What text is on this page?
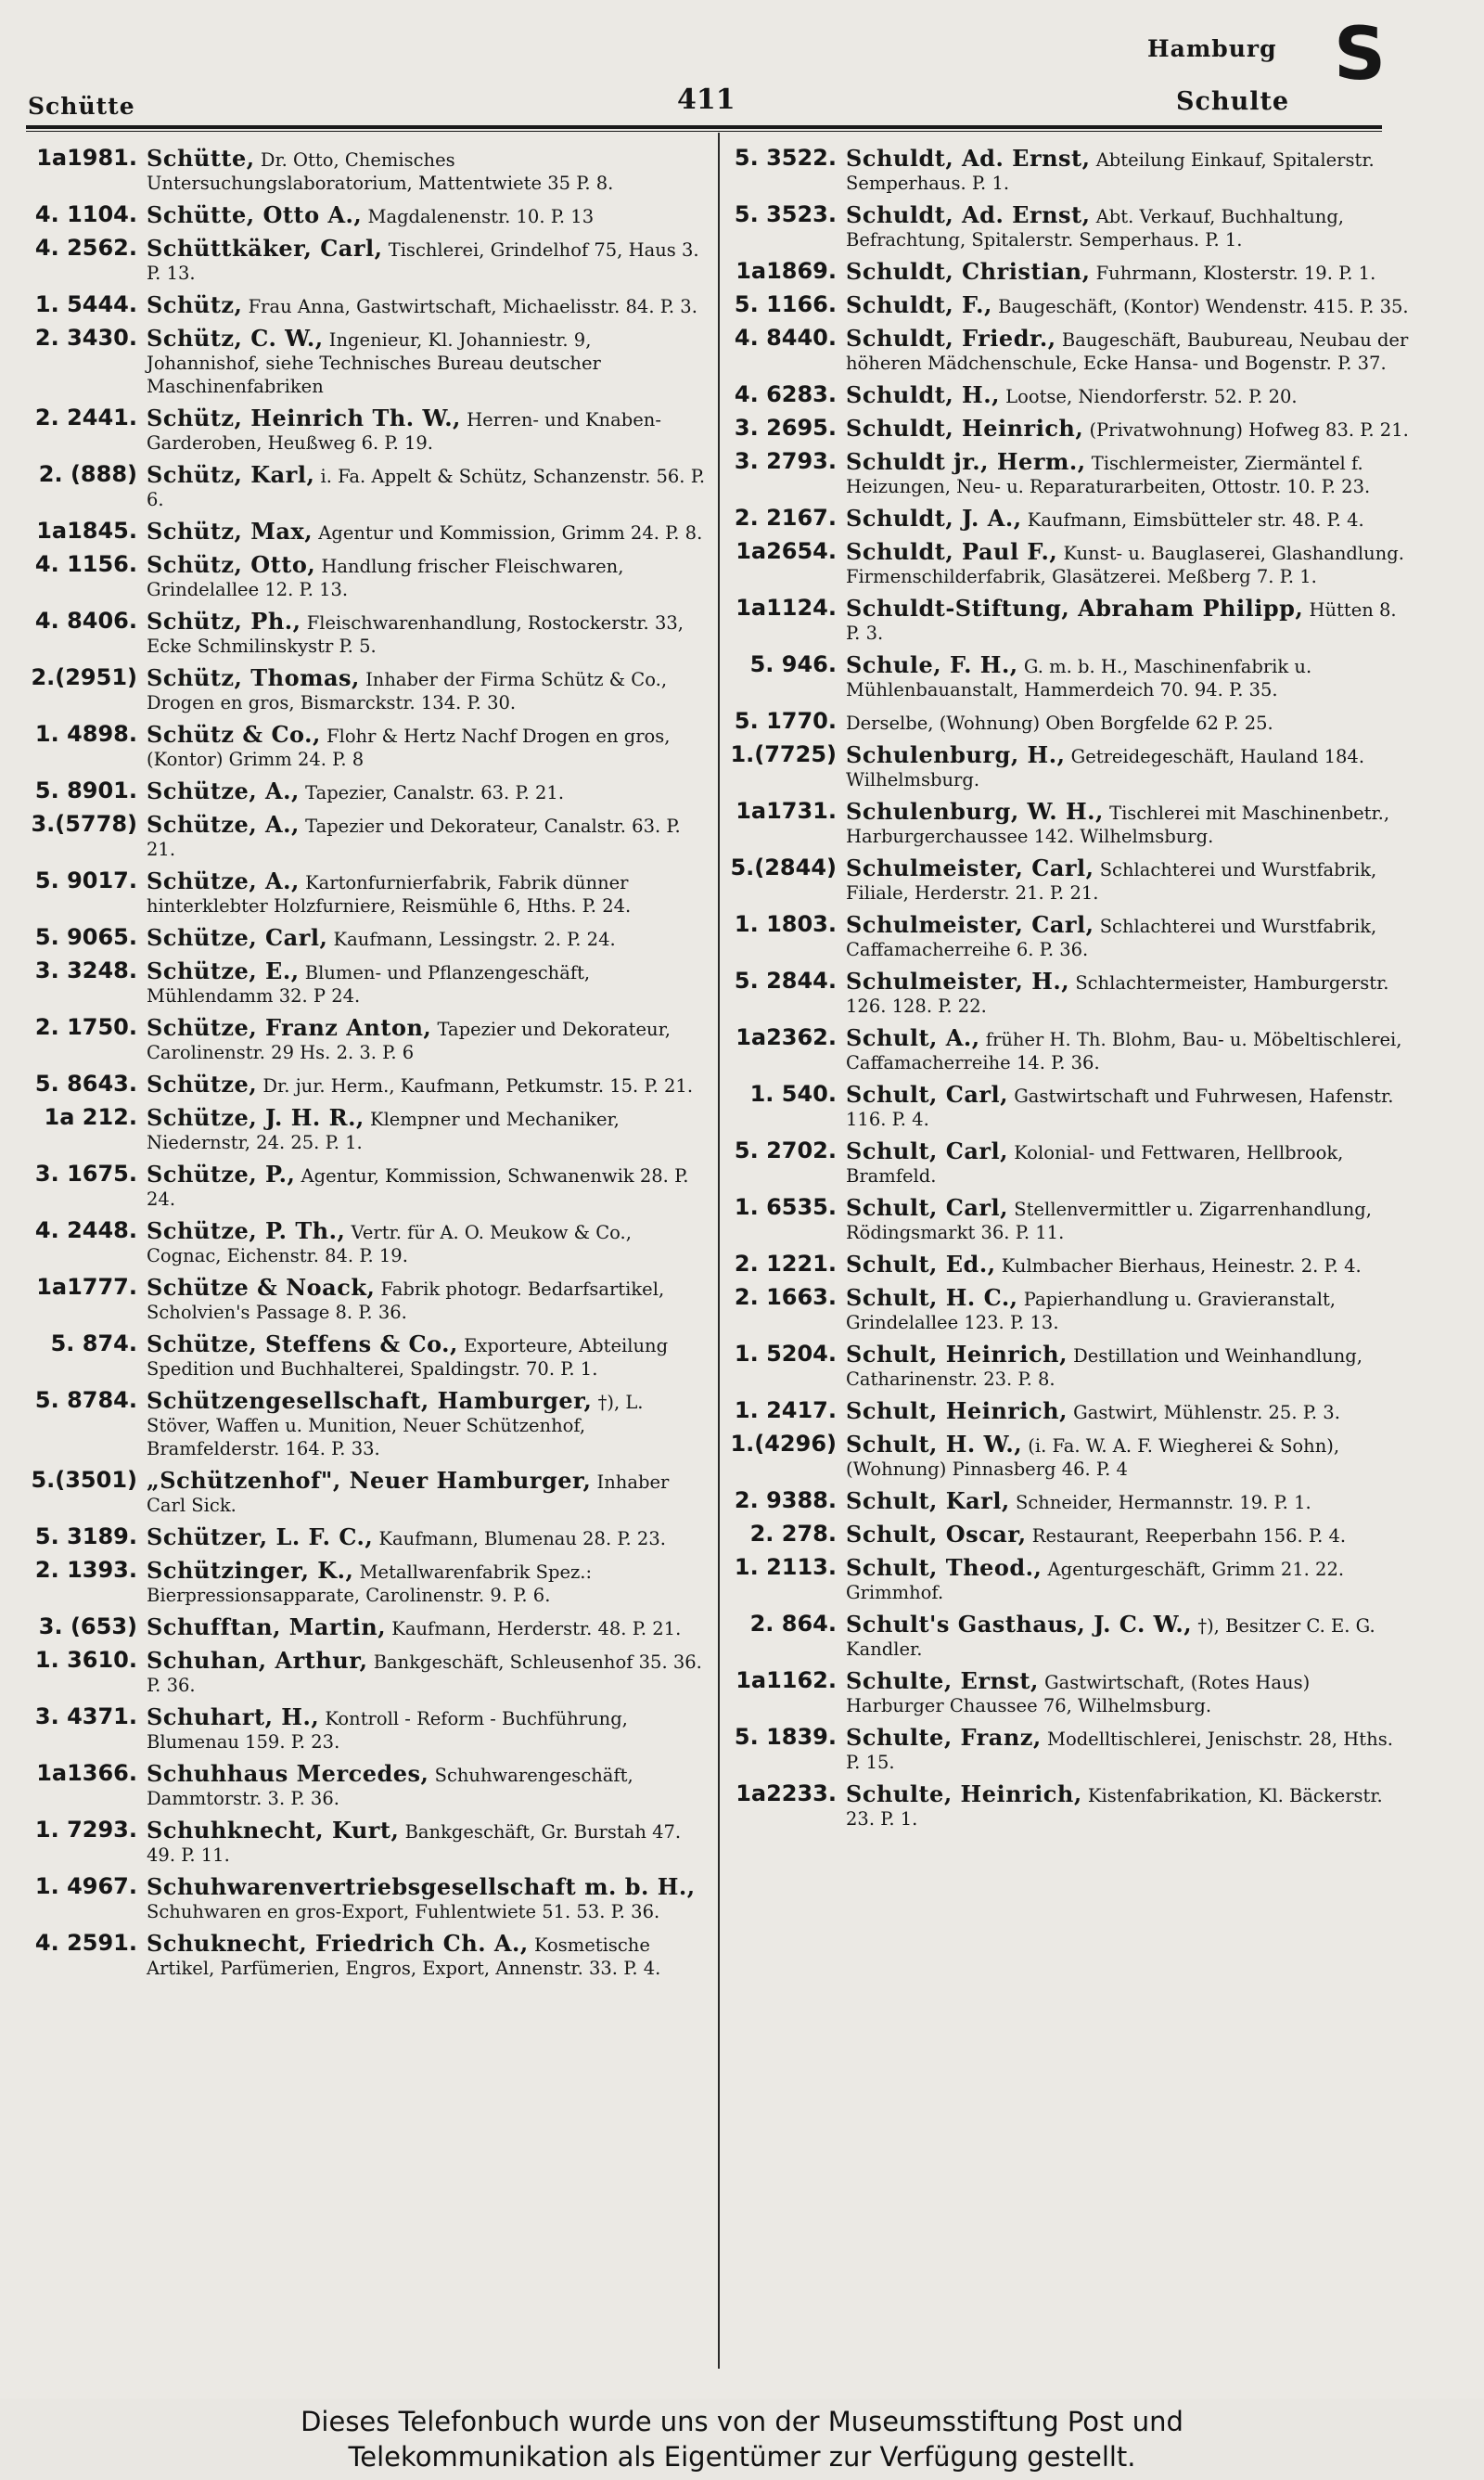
Schütte	411
Hamburg
Schulte
S
1a1981. Schütte, Dr. Otto, Chemisches Untersuchungslaboratorium, Mattentwiete 35 P. 8.
4. 1104. Schütte, Otto A., Magdalenenstr. 10. P. 13
4. 2562. Schüttkäker, Carl, Tischlerei, Grindelhof 75, Haus 3. P. 13.
1. 5444. Schütz, Frau Anna, Gastwirtschaft, Michaelisstr. 84. P. 3.
2. 3430. Schütz, C. W., Ingenieur, Kl. Johanniestr. 9, Johannishof, siehe Technisches Bureau deutscher Maschinenfabriken
2. 2441. Schütz, Heinrich Th. W., Herren- und Knaben-Garderoben, Heußweg 6. P. 19.
2. (888) Schütz, Karl, i. Fa. Appelt & Schütz, Schanzenstr. 56. P. 6.
1a1845. Schütz, Max, Agentur und Kommission, Grimm 24. P. 8.
4. 1156. Schütz, Otto, Handlung frischer Fleischwaren, Grindelallee 12. P. 13.
4. 8406. Schütz, Ph., Fleischwarenhandlung, Rostockerstr. 33, Ecke Schmilinskystr P. 5.
2.(2951) Schütz, Thomas, Inhaber der Firma Schütz & Co., Drogen en gros, Bismarckstr. 134. P. 30.
1. 4898. Schütz & Co., Flohr & Hertz Nachf Drogen en gros, (Kontor) Grimm 24. P. 8
5. 8901. Schütze, A., Tapezier, Canalstr. 63. P. 21.
3.(5778) Schütze, A., Tapezier und Dekorateur, Canalstr. 63. P. 21.
5. 9017. Schütze, A., Kartonfurnierfabrik, Fabrik dünner hinterklebter Holzfurniere, Reismühle 6, Hths. P. 24.
5. 9065. Schütze, Carl, Kaufmann, Lessingstr. 2. P. 24.
3. 3248. Schütze, E., Blumen- und Pflanzengeschäft, Mühlendamm 32. P 24.
2. 1750. Schütze, Franz Anton, Tapezier und Dekorateur, Carolinenstr. 29 Hs. 2. 3. P. 6
5. 8643. Schütze, Dr. jur. Herm., Kaufmann, Petkumstr. 15. P. 21.
1a 212. Schütze, J. H. R., Klempner und Mechaniker, Niedernstr, 24. 25. P. 1.
3. 1675. Schütze, P., Agentur, Kommission, Schwanenwik 28. P. 24.
4. 2448. Schütze, P. Th., Vertr. für A. O. Meukow & Co., Cognac, Eichenstr. 84. P. 19.
1a1777. Schütze & Noack, Fabrik photogr. Bedarfsartikel, Scholvien's Passage 8. P. 36.
5. 874. Schütze, Steffens & Co., Exporteure, Abteilung Spedition und Buchhalterei, Spaldingstr. 70. P. 1.
5. 8784. Schützengesellschaft, Hamburger, †), L. Stöver, Waffen u. Munition, Neuer Schützenhof, Bramfelderstr. 164. P. 33.
5.(3501) „Schützenhof", Neuer Hamburger, Inhaber Carl Sick.
5. 3189. Schützer, L. F. C., Kaufmann, Blumenau 28. P. 23.
2. 1393. Schützinger, K., Metallwarenfabrik Spez.: Bierpressionsapparate, Carolinenstr. 9. P. 6.
3. (653) Schufftan, Martin, Kaufmann, Herderstr. 48. P. 21.
1. 3610. Schuhan, Arthur, Bankgeschäft, Schleusenhof 35. 36. P. 36.
3. 4371. Schuhart, H., Kontroll - Reform - Buchführung, Blumenau 159. P. 23.
1a1366. Schuhhaus Mercedes, Schuhwarengeschäft, Dammtorstr. 3. P. 36.
1. 7293. Schuhknecht, Kurt, Bankgeschäft, Gr. Burstah 47. 49. P. 11.
1. 4967. Schuhwarenvertriebsgesellschaft m. b. H., Schuhwaren en gros-Export, Fuhlentwiete 51. 53. P. 36.
4. 2591. Schuknecht, Friedrich Ch. A., Kosmetische Artikel, Parfümerien, Engros, Export, Annenstr. 33. P. 4.
5. 3522. Schuldt, Ad. Ernst, Abteilung Einkauf, Spitalerstr. Semperhaus. P. 1.
5. 3523. Schuldt, Ad. Ernst, Abt. Verkauf, Buchhaltung, Befrachtung, Spitalerstr. Semperhaus. P. 1.
1a1869. Schuldt, Christian, Fuhrmann, Klosterstr. 19. P. 1.
5. 1166. Schuldt, F., Baugeschäft, (Kontor) Wendenstr. 415. P. 35.
4. 8440. Schuldt, Friedr., Baugeschäft, Baubureau, Neubau der höheren Mädchenschule, Ecke Hansa- und Bogenstr. P. 37.
4. 6283. Schuldt, H., Lootse, Niendorferstr. 52. P. 20.
3. 2695. Schuldt, Heinrich, (Privatwohnung) Hofweg 83. P. 21.
3. 2793. Schuldt jr., Herm., Tischlermeister, Ziermäntel f. Heizungen, Neu- u. Reparaturarbeiten, Ottostr. 10. P. 23.
2. 2167. Schuldt, J. A., Kaufmann, Eimsbütteler str. 48. P. 4.
1a2654. Schuldt, Paul F., Kunst- u. Bauglaserei, Glashandlung. Firmenschilderfabrik, Glasätzerei. Meßberg 7. P. 1.
1a1124. Schuldt-Stiftung, Abraham Philipp, Hütten 8. P. 3.
5. 946. Schule, F. H., G. m. b. H., Maschinenfabrik u. Mühlenbauanstalt, Hammerdeich 70. 94. P. 35.
5. 1770. Derselbe, (Wohnung) Oben Borgfelde 62 P. 25.
1.(7725) Schulenburg, H., Getreidegeschäft, Hauland 184. Wilhelmsburg.
1a1731. Schulenburg, W. H., Tischlerei mit Maschinenbetr., Harburgerchaussee 142. Wilhelmsburg.
5.(2844) Schulmeister, Carl, Schlachterei und Wurstfabrik, Filiale, Herderstr. 21. P. 21.
1. 1803. Schulmeister, Carl, Schlachterei und Wurstfabrik, Caffamacherreihe 6. P. 36.
5. 2844. Schulmeister, H., Schlachtermeister, Hamburgerstr. 126. 128. P. 22.
1a2362. Schult, A., früher H. Th. Blohm, Bau- u. Möbeltischlerei, Caffamacherreihe 14. P. 36.
1. 540. Schult, Carl, Gastwirtschaft und Fuhrwesen, Hafenstr. 116. P. 4.
5. 2702. Schult, Carl, Kolonial- und Fettwaren, Hellbrook, Bramfeld.
1. 6535. Schult, Carl, Stellenvermittler u. Zigarrenhandlung, Rödingsmarkt 36. P. 11.
2. 1221. Schult, Ed., Kulmbacher Bierhaus, Heinestr. 2. P. 4.
2. 1663. Schult, H. C., Papierhandlung u. Gravieranstalt, Grindelallee 123. P. 13.
1. 5204. Schult, Heinrich, Destillation und Weinhandlung, Catharinenstr. 23. P. 8.
1. 2417. Schult, Heinrich, Gastwirt, Mühlenstr. 25. P. 3.
1.(4296) Schult, H. W., (i. Fa. W. A. F. Wiegherei & Sohn), (Wohnung) Pinnasberg 46. P. 4
2. 9388. Schult, Karl, Schneider, Hermannstr. 19. P. 1.
2. 278. Schult, Oscar, Restaurant, Reeperbahn 156. P. 4.
1. 2113. Schult, Theod., Agenturgeschäft, Grimm 21. 22. Grimmhof.
2. 864. Schult's Gasthaus, J. C. W., †), Besitzer C. E. G. Kandler.
1a1162. Schulte, Ernst, Gastwirtschaft, (Rotes Haus) Harburger Chaussee 76, Wilhelmsburg.
5. 1839. Schulte, Franz, Modelltischlerei, Jenischstr. 28, Hths. P. 15.
1a2233. Schulte, Heinrich, Kistenfabrikation, Kl. Bäckerstr. 23. P. 1.
Dieses Telefonbuch wurde uns von der Museumsstiftung Post und
Telekommunikation als Eigentümer zur Verfügung gestellt.
